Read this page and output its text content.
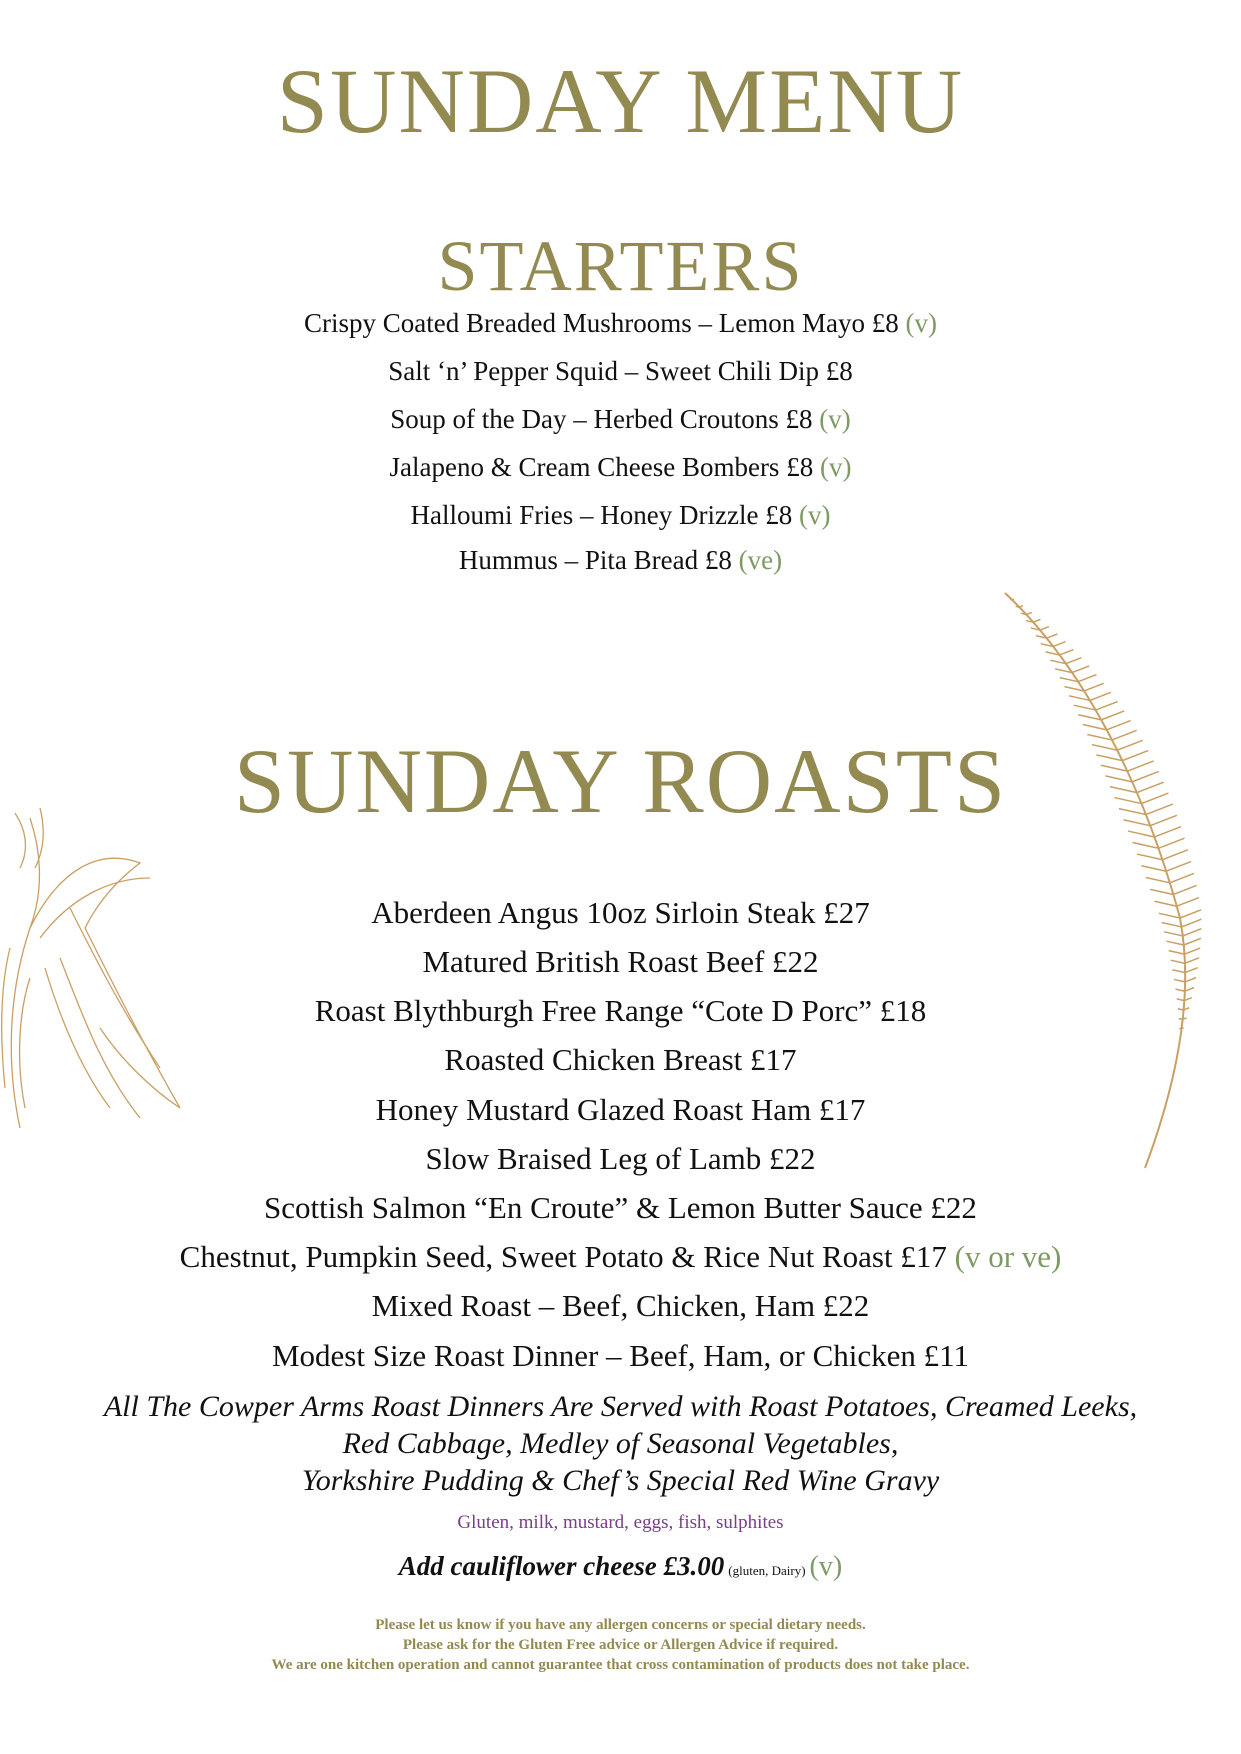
SUNDAY MENU
STARTERS
Crispy Coated Breaded Mushrooms – Lemon Mayo £8 (v)
Salt ‘n’ Pepper Squid – Sweet Chili Dip £8
Soup of the Day – Herbed Croutons £8 (v)
Jalapeno & Cream Cheese Bombers £8 (v)
Halloumi Fries – Honey Drizzle £8 (v)
Hummus – Pita Bread £8 (ve)
SUNDAY ROASTS
Aberdeen Angus 10oz Sirloin Steak £27
Matured British Roast Beef £22
Roast Blythburgh Free Range “Cote D Porc” £18
Roasted Chicken Breast £17
Honey Mustard Glazed Roast Ham £17
Slow Braised Leg of Lamb £22
Scottish Salmon “En Croute” & Lemon Butter Sauce £22
Chestnut, Pumpkin Seed, Sweet Potato & Rice Nut Roast £17 (v or ve)
Mixed Roast – Beef, Chicken, Ham £22
Modest Size Roast Dinner – Beef, Ham, or Chicken £11
All The Cowper Arms Roast Dinners Are Served with Roast Potatoes, Creamed Leeks,
Red Cabbage, Medley of Seasonal Vegetables,
Yorkshire Pudding & Chef’s Special Red Wine Gravy
Gluten, milk, mustard, eggs, fish, sulphites
Add cauliflower cheese £3.00 (gluten, Dairy) (v)
Please let us know if you have any allergen concerns or special dietary needs.
Please ask for the Gluten Free advice or Allergen Advice if required.
We are one kitchen operation and cannot guarantee that cross contamination of products does not take place.
